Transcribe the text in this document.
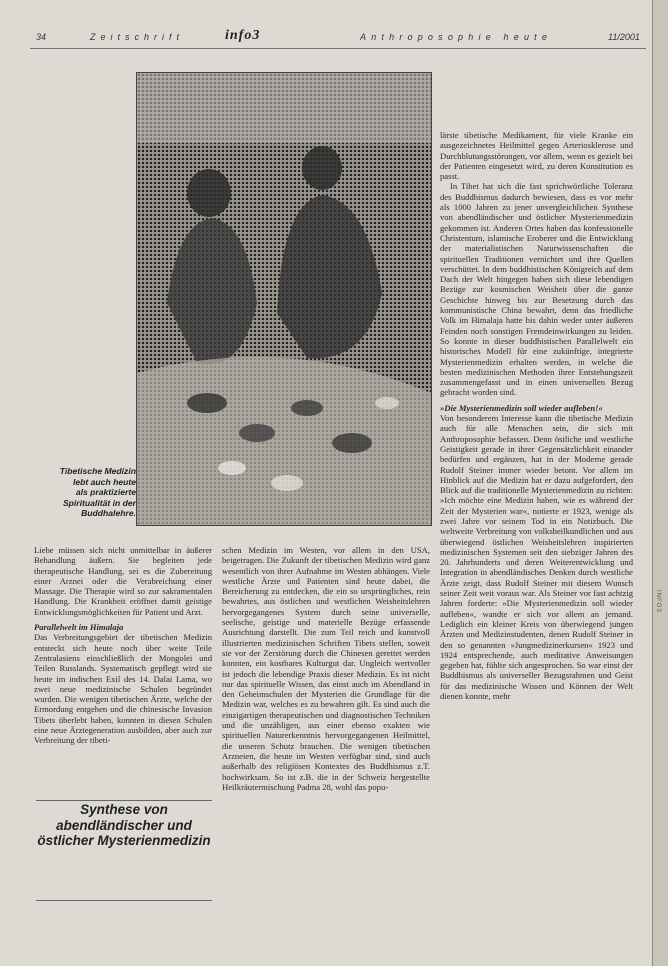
34	Zeitschrift	info3	Anthroposophie heute	11/2001
Tibetische Medizin
lebt auch heute
als praktizierte
Spiritualität in der
Buddhalehre.

Liebe müssen sich nicht unmittelbar in äußerer Behandlung äußern. Sie begleiten jede therapeutische Handlung, sei es die Zubereitung einer Arznei oder die Verabreichung einer Massage. Die Therapie wird so zur sakramentalen Handlung. Die Krankheit eröffnet damit geistige Entwicklungsmöglichkeiten für Patient und Arzt.

Parallelwelt im Himalaja

Das Verbreitungsgebiet der tibetischen Medizin entsteckt sich heute noch über weite Teile Zentralasiens einschließlich der Mongolei und Teilen Russlands. Systematisch gepflegt wird sie heute im indischen Exil des 14. Dalai Lama, wo zwei neue medizinische Schulen begründet wurden. Die wenigen tibetischen Ärzte, welche der Ermordung entgehen und die chinesische Invasion Tibets überlebt haben, konnten in diesen Schulen eine neue Ärztegeneration ausbilden, aber auch zur Verbreitung der tibeti-

Synthese von abendländischer und östlicher Mysterienmedizin

schen Medizin im Westen, vor allem in den USA, beigetragen. Die Zukunft der tibetischen Medizin wird ganz wesentlich von ihrer Aufnahme im Westen abhängen. Viele westliche Ärzte und Patienten sind heute dabei, die Bereicherung zu entdecken, die ein so ursprüngliches, rein bewahrtes, aus östlichen und westlichen Weisheitslehren hervorgegangenes System durch seine universelle, seelische, geistige und materielle Bezüge erfassende Ausrichtung darstellt. Die zum Teil reich und kunstvoll illustrierten medizinischen Schriften Tibets stellen, soweit sie vor der Zerstörung durch die Chinesen gerettet werden konnten, ein kostbares Kulturgut dar. Ungleich wertvoller ist jedoch die lebendige Praxis dieser Medizin. Es ist nicht nur das spirituelle Wissen, das einst auch im Abendland in den Geheimschulen der Mysterien die Grundlage für die Medizin war, welches es zu bewahren gilt. Es sind auch die einzigartigen therapeutischen und diagnostischen Techniken und die unzähligen, aus einer ebenso exakten wie spirituellen Naturerkenntnis hervorgegangenen Heilmittel, die unseren Schutz brauchen. Die wenigen tibetischen Arzneien, die heute im Westen verfügbar sind, sind auch außerhalb des religiösen Kontextes des Buddhismus z.T. hochwirksam. So ist z.B. die in der Schweiz hergestellte Heilkräutermischung Padma 28, wohl das popu-

lärste tibetische Medikament, für viele Kranke ein ausgezeichnetes Heilmittel gegen Arteriosklerose und Durchblutungsstörungen, vor allem, wenn es gezielt bei der Patienten eingesetzt wird, zu deren Konstitution es passt.

In Tibet hat sich die fast sprichwörtliche Toleranz des Buddhismus dadurch bewiesen, dass es vor mehr als 1000 Jahren zu jener unvergleichlichen Synthese von abendländischer und östlicher Mysterienmedizin gekommen ist. Anderen Ortes haben das konfessionelle Christentum, islamische Eroberer und die Entwicklung der materialistischen Naturwissenschaften die spirituellen Traditionen vernichtet und ihre Quellen verschüttet. In dem buddhistischen Königreich auf dem Dach der Welt hingegen haben sich diese lebendigen Bezüge zur kosmischen Weisheit über die ganze Geschichte hinweg bis zur Besetzung durch das kommunistische China bewahrt, denn das friedliche Volk im Himalaja hatte bis dahin weder unter äußeren Feinden noch sonstigen Fremdeinwirkungen zu leiden. So konnte in dieser buddhistischen Parallelwelt ein historisches Modell für eine zukünftige, integrierte Mysterienmedizin erhalten werden, in welche die besten medizinischen Methoden ihrer Entstehungszeit zusammengefasst und in einen universellen Bezug gebracht worden sind.

»Die Mysterienmedizin soll wieder aufleben!«

Von besonderem Interesse kann die tibetische Medizin auch für alle Menschen sein, die sich mit Anthroposophie befassen. Denn östliche und westliche Geistigkeit gerade in ihrer Gegensätzlichkeit einander bedürfen und ergänzen, hat in der Moderne gerade Rudolf Steiner immer wieder betont. Vor allem im Hinblick auf die Medizin hat er dazu aufgefordert, den Blick auf die traditionelle Mysterienmedizin zu richten: »Ich möchte eine Medizin haben, wie es während der Zeit der Mysterien war«, notierte er 1923, wenige als zwei Jahre vor seinem Tod in ein Notizbuch. Die weltweite Verbreitung von volksheilkundlichen und aus überwiegend östlichen Weisheitslehren inspirierten medizinischen Systemen seit den siebziger Jahren des 20. Jahrhunderts und deren Weiterentwicklung und Integration in abendländisches Denken durch westliche Ärzte zeigt, dass Rudolf Steiner mit diesem Wunsch seiner Zeit weit voraus war. Als Steiner vor fast achtzig Jahren forderte: »Die Mysterienmedizin soll wieder aufleben«, wandte er sich vor allem an jemand. Lediglich ein kleiner Kreis von überwiegend jungen Ärzten und Medizinstudenten, denen Rudolf Steiner in den so genannten »Jungmedizinerkursen« 1923 und 1924 entsprechende, auch meditative Anweisungen gegeben hat, fühlte sich angesprochen. So war einst der Buddhismus als universeller Bezugsrahmen und Geist für das medizinische Wissen und Können der Welt dienen konnte, mehr

INFO3
